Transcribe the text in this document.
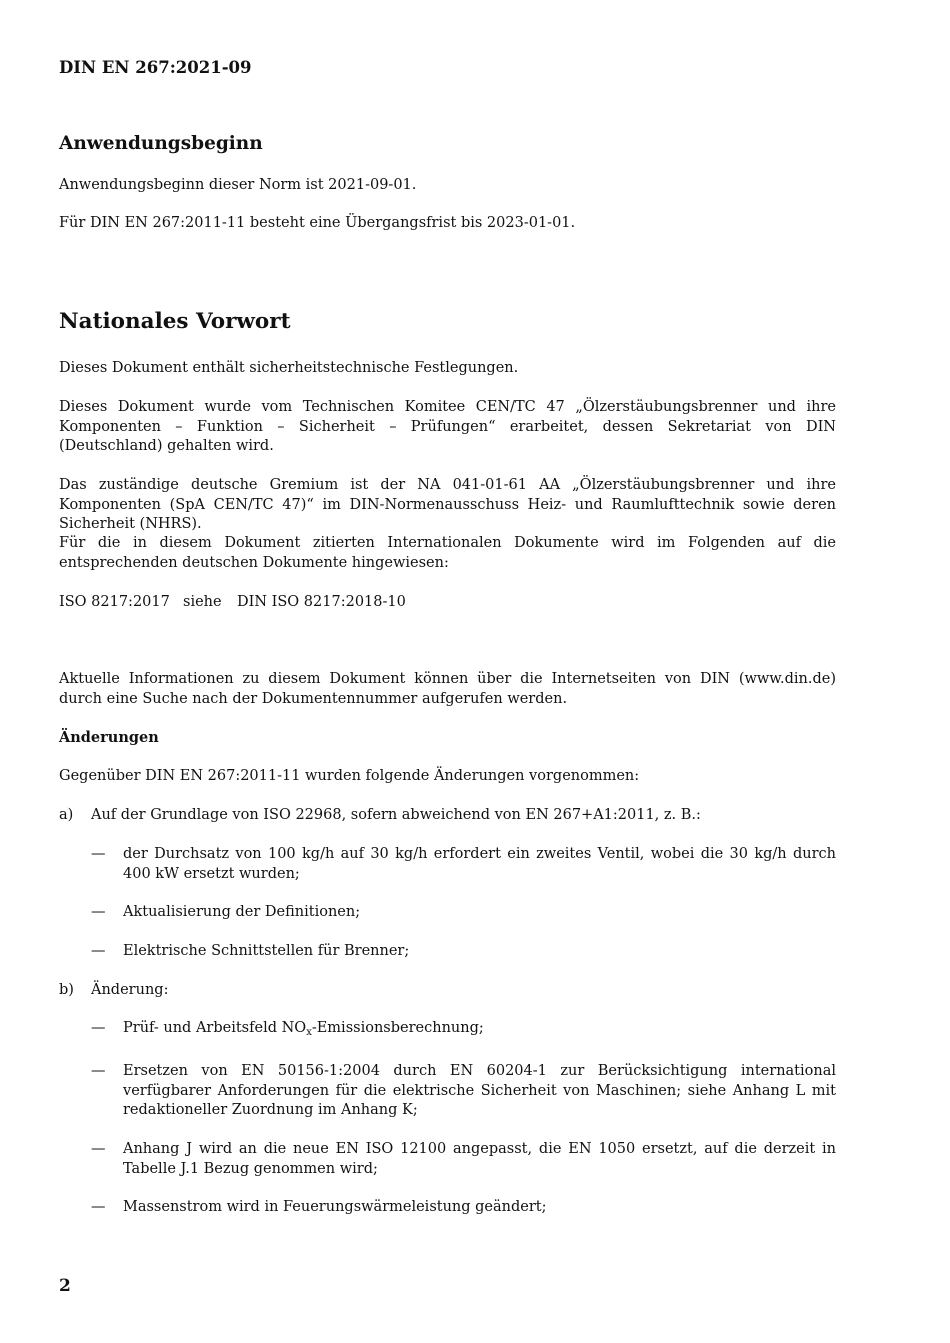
DIN EN 267:2021-09
Anwendungsbeginn
Anwendungsbeginn dieser Norm ist 2021-09-01.
Für DIN EN 267:2011-11 besteht eine Übergangsfrist bis 2023-01-01.
Nationales Vorwort
Dieses Dokument enthält sicherheitstechnische Festlegungen.
Dieses Dokument wurde vom Technischen Komitee CEN/TC 47 „Ölzerstäubungsbrenner und ihre Komponenten – Funktion – Sicherheit – Prüfungen“ erarbeitet, dessen Sekretariat von DIN (Deutschland) gehalten wird.
Das zuständige deutsche Gremium ist der NA 041-01-61 AA „Ölzerstäubungsbrenner und ihre Komponenten (SpA CEN/TC 47)“ im DIN-Normenausschuss Heiz- und Raumlufttechnik sowie deren Sicherheit (NHRS).
Für die in diesem Dokument zitierten Internationalen Dokumente wird im Folgenden auf die entsprechenden deutschen Dokumente hingewiesen:
ISO 8217:2017 siehe DIN ISO 8217:2018-10
Aktuelle Informationen zu diesem Dokument können über die Internetseiten von DIN (www.din.de) durch eine Suche nach der Dokumentennummer aufgerufen werden.
Änderungen
Gegenüber DIN EN 267:2011-11 wurden folgende Änderungen vorgenommen:
a) Auf der Grundlage von ISO 22968, sofern abweichend von EN 267+A1:2011, z. B.:
— der Durchsatz von 100 kg/h auf 30 kg/h erfordert ein zweites Ventil, wobei die 30 kg/h durch 400 kW ersetzt wurden;
— Aktualisierung der Definitionen;
— Elektrische Schnittstellen für Brenner;
b) Änderung:
— Prüf- und Arbeitsfeld $NO_x$-Emissionsberechnung;
— Ersetzen von EN 50156-1:2004 durch EN 60204-1 zur Berücksichtigung international verfügbarer Anforderungen für die elektrische Sicherheit von Maschinen; siehe Anhang L mit redaktioneller Zuordnung im Anhang K;
— Anhang J wird an die neue EN ISO 12100 angepasst, die EN 1050 ersetzt, auf die derzeit in Tabelle J.1 Bezug genommen wird;
— Massenstrom wird in Feuerungswärmeleistung geändert;
2
